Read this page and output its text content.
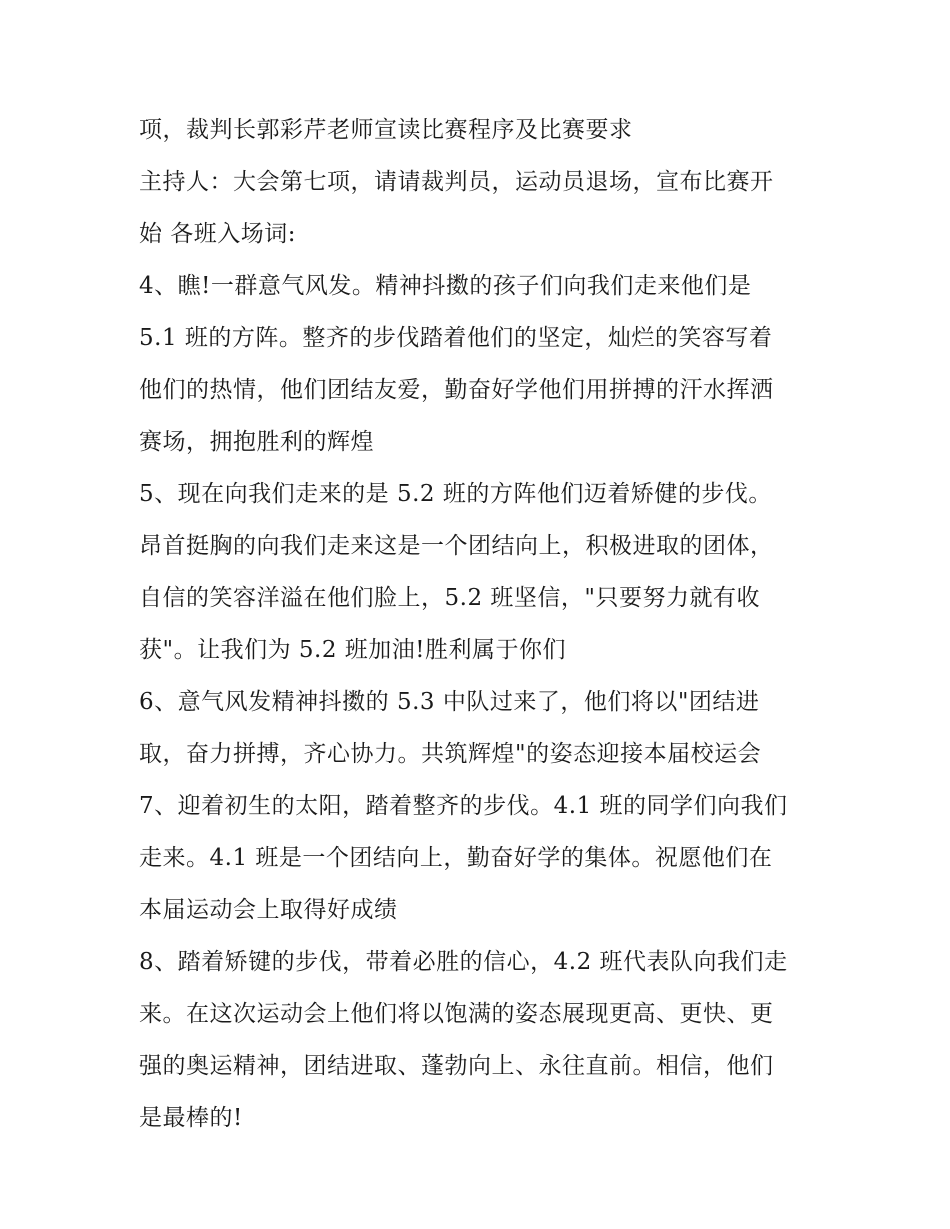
项，裁判长郭彩芹老师宣读比赛程序及比赛要求
主持人：大会第七项，请请裁判员，运动员退场，宣布比赛开
始 各班入场词:
4、瞧!一群意气风发。精神抖擞的孩子们向我们走来他们是
5.1 班的方阵。整齐的步伐踏着他们的坚定，灿烂的笑容写着
他们的热情，他们团结友爱，勤奋好学他们用拼搏的汗水挥洒
赛场，拥抱胜利的辉煌
5、现在向我们走来的是 5.2 班的方阵他们迈着矫健的步伐。
昂首挺胸的向我们走来这是一个团结向上，积极进取的团体，
自信的笑容洋溢在他们脸上，5.2 班坚信，"只要努力就有收
获"。让我们为 5.2 班加油!胜利属于你们
6、意气风发精神抖擞的 5.3 中队过来了，他们将以"团结进
取，奋力拼搏，齐心协力。共筑辉煌"的姿态迎接本届校运会
7、迎着初生的太阳，踏着整齐的步伐。4.1 班的同学们向我们
走来。4.1 班是一个团结向上，勤奋好学的集体。祝愿他们在
本届运动会上取得好成绩
8、踏着矫键的步伐，带着必胜的信心，4.2 班代表队向我们走
来。在这次运动会上他们将以饱满的姿态展现更高、更快、更
强的奥运精神，团结进取、蓬勃向上、永往直前。相信，他们
是最棒的!
